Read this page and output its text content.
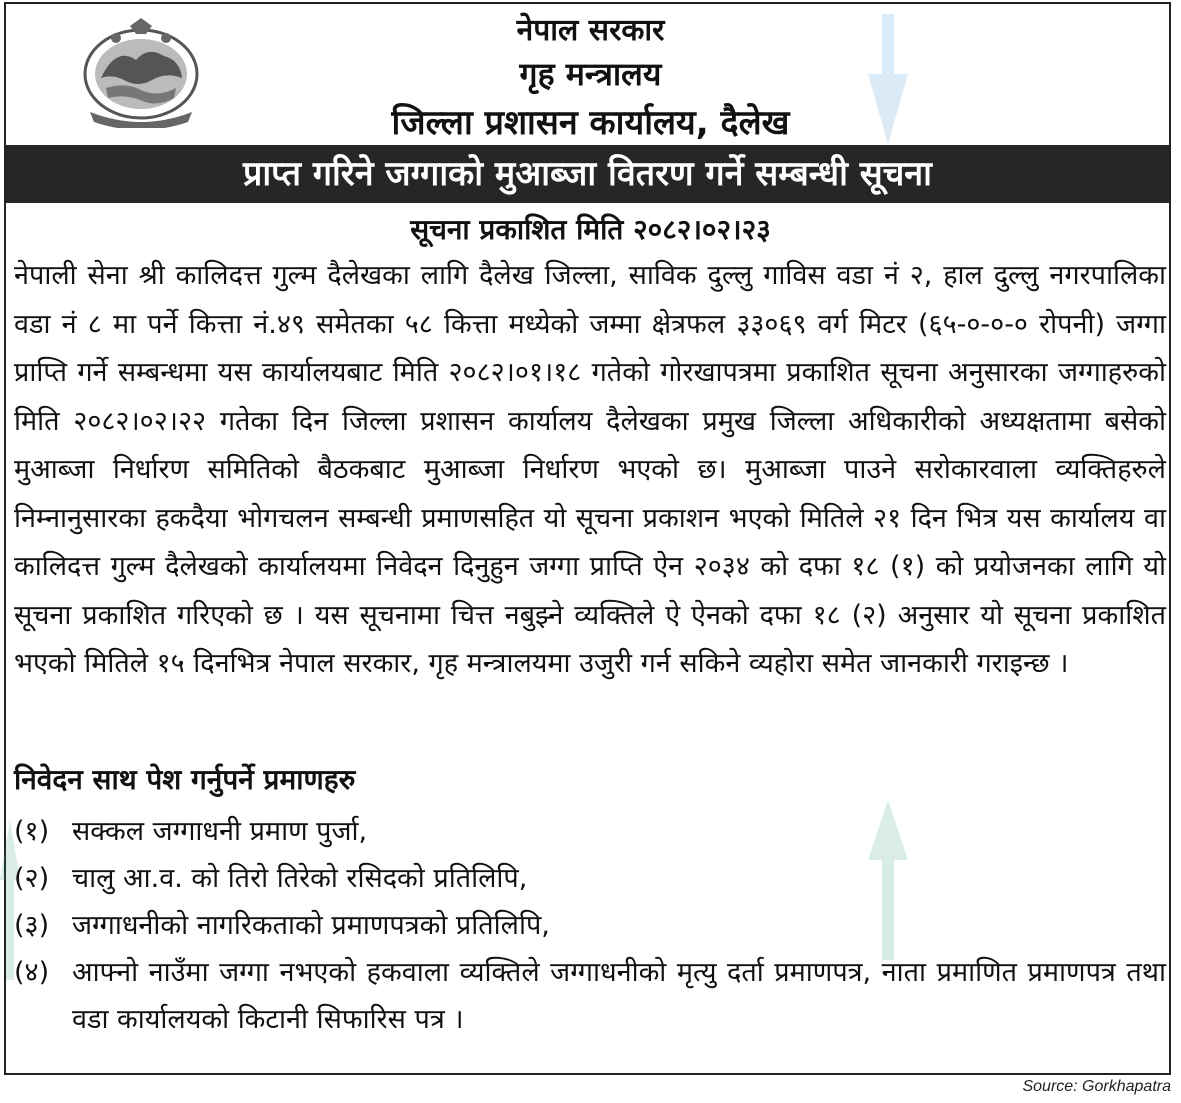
नेपाल सरकार
गृह मन्त्रालय
जिल्ला प्रशासन कार्यालय, दैलेख
प्राप्त गरिने जग्गाको मुआब्जा वितरण गर्ने सम्बन्धी सूचना
सूचना प्रकाशित मिति २०८२।०२।२३
नेपाली सेना श्री कालिदत्त गुल्म दैलेखका लागि दैलेख जिल्ला, साविक दुल्लु गाविस वडा नं २, हाल दुल्लु नगरपालिका वडा नं ८ मा पर्ने कित्ता नं.४९ समेतका ५८ कित्ता मध्येको जम्मा क्षेत्रफल ३३०६९ वर्ग मिटर (६५-०-०-० रोपनी) जग्गा प्राप्ति गर्ने सम्बन्धमा यस कार्यालयबाट मिति २०८२।०१।१८ गतेको गोरखापत्रमा प्रकाशित सूचना अनुसारका जग्गाहरुको मिति २०८२।०२।२२ गतेका दिन जिल्ला प्रशासन कार्यालय दैलेखका प्रमुख जिल्ला अधिकारीको अध्यक्षतामा बसेको मुआब्जा निर्धारण समितिको बैठकबाट मुआब्जा निर्धारण भएको छ। मुआब्जा पाउने सरोकारवाला व्यक्तिहरुले निम्नानुसारका हकदैया भोगचलन सम्बन्धी प्रमाणसहित यो सूचना प्रकाशन भएको मितिले २१ दिन भित्र यस कार्यालय वा कालिदत्त गुल्म दैलेखको कार्यालयमा निवेदन दिनुहुन जग्गा प्राप्ति ऐन २०३४ को दफा १८ (१) को प्रयोजनका लागि यो सूचना प्रकाशित गरिएको छ । यस सूचनामा चित्त नबुझ्ने व्यक्तिले ऐ ऐनको दफा १८ (२) अनुसार यो सूचना प्रकाशित भएको मितिले १५ दिनभित्र नेपाल सरकार, गृह मन्त्रालयमा उजुरी गर्न सकिने व्यहोरा समेत जानकारी गराइन्छ ।
निवेदन साथ पेश गर्नुपर्ने प्रमाणहरु
(१) सक्कल जग्गाधनी प्रमाण पुर्जा,
(२) चालु आ.व. को तिरो तिरेको रसिदको प्रतिलिपि,
(३) जग्गाधनीको नागरिकताको प्रमाणपत्रको प्रतिलिपि,
(४) आफ्नो नाउँमा जग्गा नभएको हकवाला व्यक्तिले जग्गाधनीको मृत्यु दर्ता प्रमाणपत्र, नाता प्रमाणित प्रमाणपत्र तथा वडा कार्यालयको किटानी सिफारिस पत्र ।
Source: Gorkhapatra
